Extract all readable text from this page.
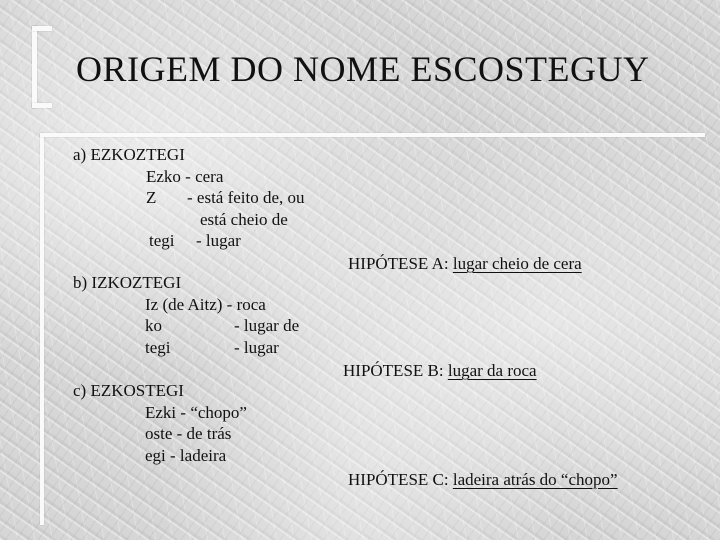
ORIGEM DO NOME ESCOSTEGUY
a) EZKOZTEGI
Ezko - cera
Z - está feito de, ou
está cheio de
tegi - lugar
HIPÓTESE A: lugar cheio de cera
b) IZKOZTEGI
Iz (de Aitz) - roca
ko	- lugar de
tegi	- lugar
HIPÓTESE B: lugar da roca
c) EZKOSTEGI
Ezki - “chopo”
oste - de trás
egi - ladeira
HIPÓTESE C: ladeira atrás do “chopo”
